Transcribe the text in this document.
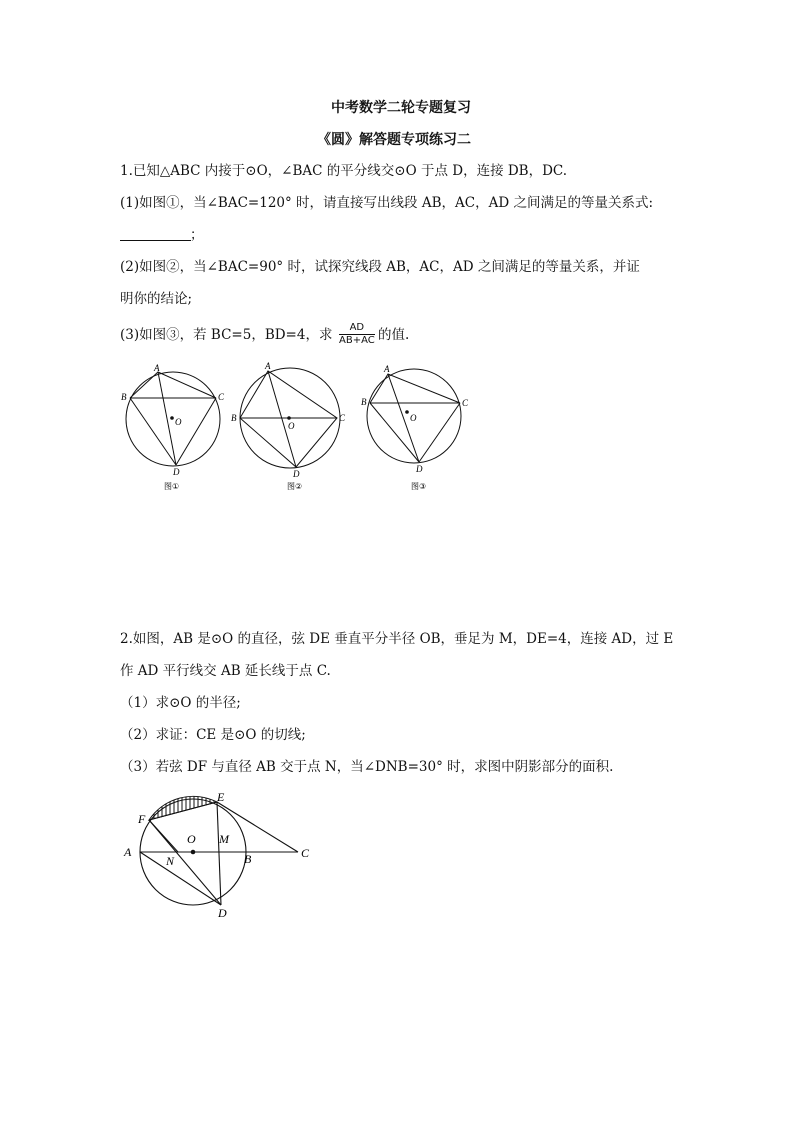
中考数学二轮专题复习
《圆》解答题专项练习二
1.已知△ABC 内接于⊙O，∠BAC 的平分线交⊙O 于点 D，连接 DB，DC.
(1)如图①，当∠BAC=120° 时，请直接写出线段 AB，AC，AD 之间满足的等量关系式:
；
(2)如图②，当∠BAC=90° 时，试探究线段 AB，AC，AD 之间满足的等量关系，并证
明你的结论;
(3)如图③，若 BC=5，BD=4，求	AD
AB+AC 的值.
A
B	C
O
D
图①
A
B	C
O
D
图②
A
B	C
O
D
图③
2.如图，AB 是⊙O 的直径，弦 DE 垂直平分半径 OB，垂足为 M，DE=4，连接 AD，过 E
作 AD 平行线交 AB 延长线于点 C.
（1）求⊙O 的半径;
（2）求证：CE 是⊙O 的切线;
（3）若弦 DF 与直径 AB 交于点 N，当∠DNB=30° 时，求图中阴影部分的面积.
E
F
O M
A
N	B	C
D
